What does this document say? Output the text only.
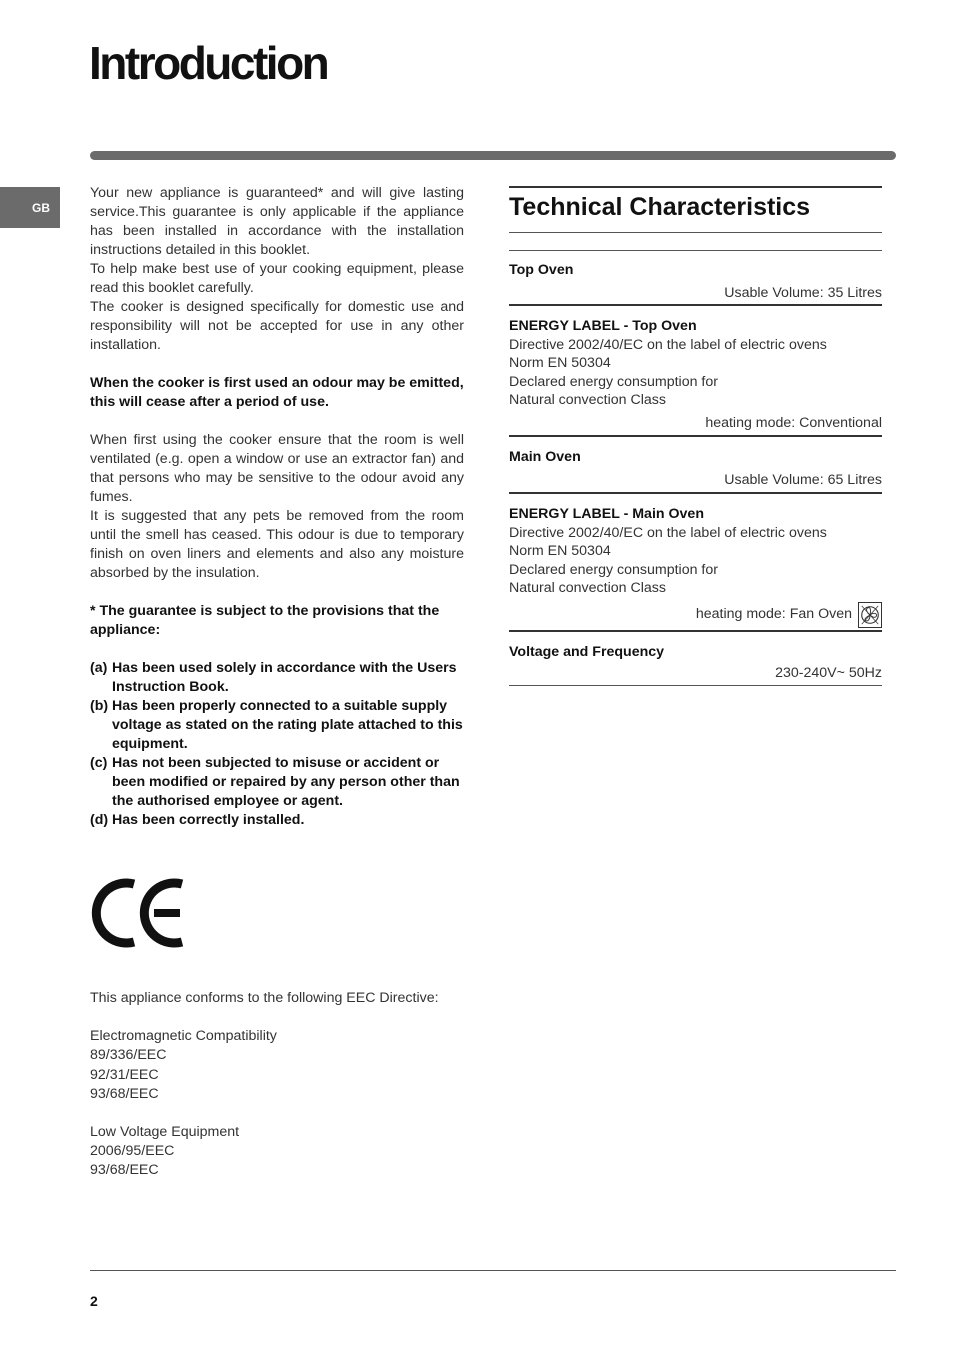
Introduction
GB

Your new appliance is guaranteed* and will give lasting service.This guarantee is only applicable if the appliance has been installed in accordance with the installation instructions detailed in this booklet.

To help make best use of your cooking equipment, please read this booklet carefully.

The cooker is designed specifically for domestic use and responsibility will not be accepted for use in any other installation.

When the cooker is first used an odour may be emitted, this will cease after a period of use.

When first using the cooker ensure that the room is well ventilated (e.g. open a window or use an extractor fan) and that persons who may be sensitive to the odour avoid any fumes.

It is suggested that any pets be removed from the room until the smell has ceased. This odour is due to temporary finish on oven liners and elements and also any moisture absorbed by the insulation.

* The guarantee is subject to the provisions that the appliance:

(a) Has been used solely in accordance with the Users Instruction Book.
(b) Has been properly connected to a suitable supply voltage as stated on the rating plate attached to this equipment.
(c) Has not been subjected to misuse or accident or been modified or repaired by any person other than the authorised employee or agent.
(d) Has been correctly installed.

This appliance conforms to the following EEC Directive:

Electromagnetic Compatibility

89/336/EEC

92/31/EEC

93/68/EEC

Low Voltage Equipment

2006/95/EEC

93/68/EEC

Technical Characteristics
Top Oven
Usable Volume: 35 Litres
ENERGY LABEL - Top Oven
Directive 2002/40/EC on the label of electric ovens
Norm EN 50304
Declared energy consumption for
Natural convection Class
heating mode: Conventional
Main Oven
Usable Volume: 65 Litres
ENERGY LABEL - Main Oven
Directive 2002/40/EC on the label of electric ovens
Norm EN 50304
Declared energy consumption for
Natural convection Class
heating mode: Fan Oven
Voltage and Frequency
230-240V~ 50Hz
2
